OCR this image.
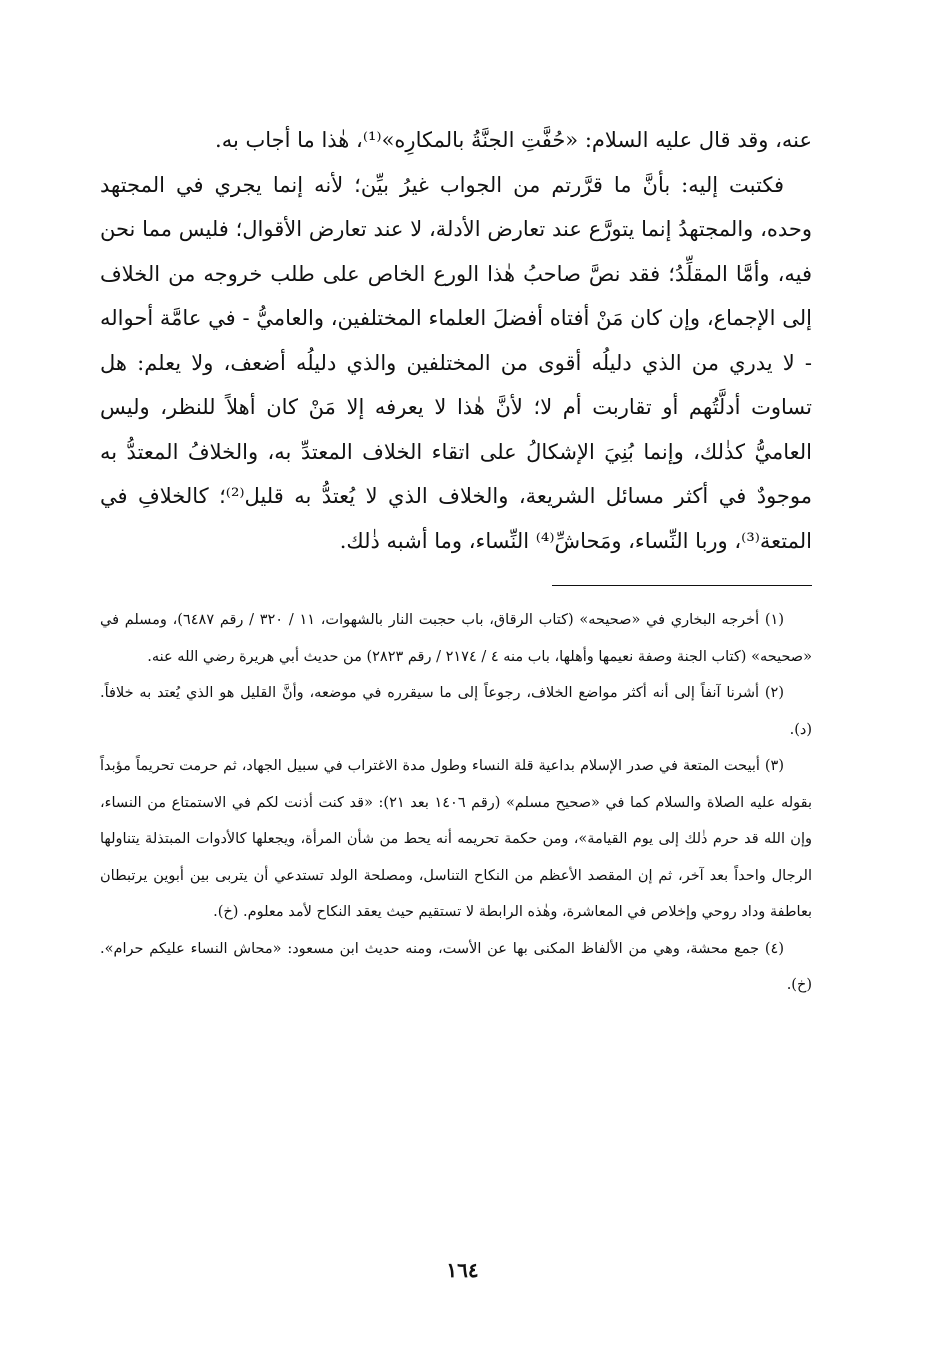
عنه، وقد قال عليه السلام: «حُفَّتِ الجنَّةُ بالمكارِه»⁽¹⁾، هٰذا ما أجاب به.

فكتبت إليه: بأنَّ ما قرَّرتم من الجواب غيرُ بيِّن؛ لأنه إنما يجري في المجتهد وحده، والمجتهدُ إنما يتورَّع عند تعارض الأدلة، لا عند تعارض الأقوال؛ فليس مما نحن فيه، وأمَّا المقلِّدُ؛ فقد نصَّ صاحبُ هٰذا الورع الخاص على طلب خروجه من الخلاف إلى الإجماع، وإن كان مَنْ أفتاه أفضلَ العلماء المختلفين، والعاميُّ - في عامَّة أحواله - لا يدري من الذي دليلُه أقوى من المختلفين والذي دليلُه أضعف، ولا يعلم: هل تساوت أدلَّتُهم أو تقاربت أم لا؛ لأنَّ هٰذا لا يعرفه إلا مَنْ كان أهلاً للنظر، وليس العاميُّ كذٰلك، وإنما بُنِيَ الإشكالُ على اتقاء الخلاف المعتدِّ به، والخلافُ المعتدُّ به موجودٌ في أكثر مسائل الشريعة، والخلاف الذي لا يُعتدُّ به قليل⁽²⁾؛ كالخلافِ في المتعة⁽³⁾، وربا النِّساء، ومَحاشِّ⁽⁴⁾ النِّساء، وما أشبه ذٰلك.

(١) أخرجه البخاري في «صحيحه» (كتاب الرقاق، باب حجبت النار بالشهوات، ١١ / ٣٢٠ / رقم ٦٤٨٧)، ومسلم في «صحيحه» (كتاب الجنة وصفة نعيمها وأهلها، باب منه ٤ / ٢١٧٤ / رقم ٢٨٢٣) من حديث أبي هريرة رضي الله عنه.

(٢) أشرنا آنفاً إلى أنه أكثر مواضع الخلاف، رجوعاً إلى ما سيقرره في موضعه، وأنَّ القليل هو الذي يُعتد به خلافاً. (د).

(٣) أبيحت المتعة في صدر الإسلام بداعية قلة النساء وطول مدة الاغتراب في سبيل الجهاد، ثم حرمت تحريماً مؤبداً بقوله عليه الصلاة والسلام كما في «صحيح مسلم» (رقم ١٤٠٦ بعد ٢١): «قد كنت أذنت لكم في الاستمتاع من النساء، وإن الله قد حرم ذٰلك إلى يوم القيامة»، ومن حكمة تحريمه أنه يحط من شأن المرأة، ويجعلها كالأدوات المبتذلة يتناولها الرجال واحداً بعد آخر، ثم إن المقصد الأعظم من النكاح التناسل، ومصلحة الولد تستدعي أن يتربى بين أبوين يرتبطان بعاطفة وداد روحي وإخلاص في المعاشرة، وهٰذه الرابطة لا تستقيم حيث يعقد النكاح لأمد معلوم. (خ).

(٤) جمع محشة، وهي من الألفاظ المكنى بها عن الأست، ومنه حديث ابن مسعود: «محاش النساء عليكم حرام». (خ).

١٦٤
